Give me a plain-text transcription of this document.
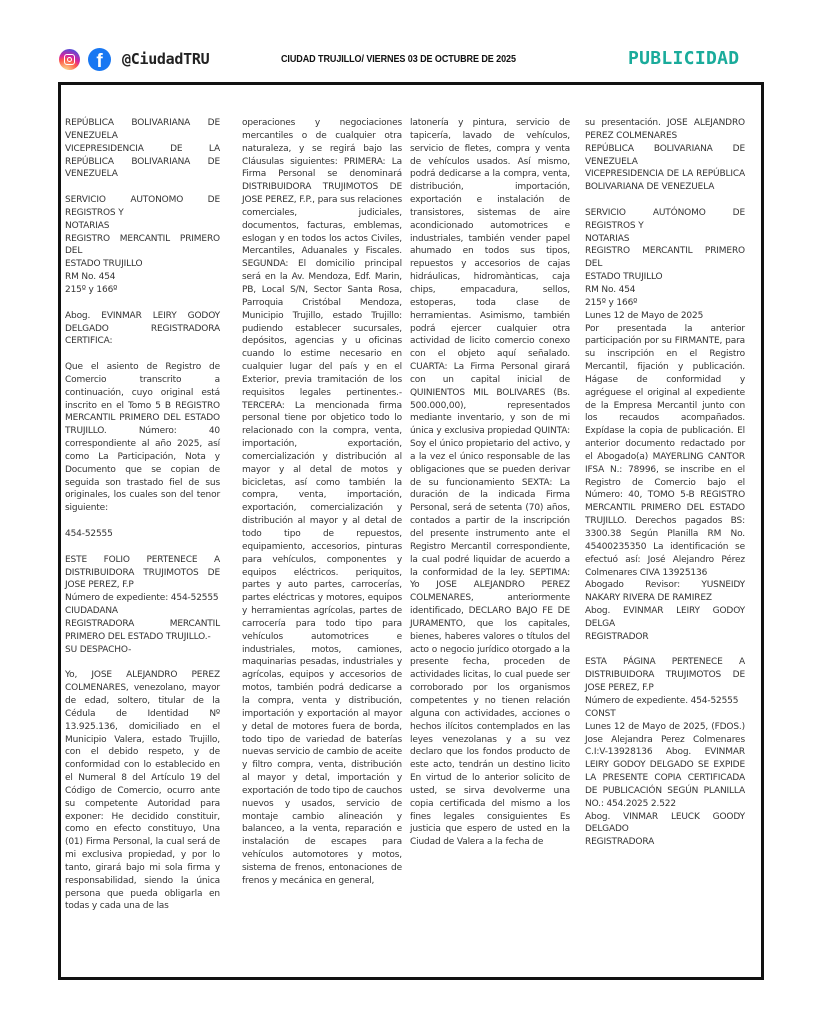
f	@CiudadTRU	CIUDAD TRUJILLO/ VIERNES 03 DE OCTUBRE DE 2025	PUBLICIDAD

REPÚBLICA BOLIVARIANA DE VENEZUELA
VICEPRESIDENCIA DE LA REPÚBLICA BOLIVARIANA DE VENEZUELA

SERVICIO AUTONOMO DE REGISTROS Y
NOTARIAS
REGISTRO MERCANTIL PRIMERO DEL
ESTADO TRUJILLO
RM No. 454
215º y 166º

Abog. EVINMAR LEIRY GODOY DELGADO REGISTRADORA CERTIFICA:

Que el asiento de Registro de Comercio transcrito a continuación, cuyo original está inscrito en el Tomo 5 B REGISTRO MERCANTIL PRIMERO DEL ESTADO TRUJILLO. Número: 40 correspondiente al año 2025, así como La Participación, Nota y Documento que se copian de seguida son trastado fiel de sus originales, los cuales son del tenor siguiente:

454-52555

ESTE FOLIO PERTENECE A DISTRIBUIDORA TRUJIMOTOS DE JOSE PEREZ, F.P
Número de expediente: 454-52555
CIUDADANA
REGISTRADORA MERCANTIL PRIMERO DEL ESTADO TRUJILLO.-
SU DESPACHO-

Yo, JOSE ALEJANDRO PEREZ COLMENARES, venezolano, mayor de edad, soltero, titular de la Cédula de Identidad Nº 13.925.136, domiciliado en el Municipio Valera, estado Trujillo, con el debido respeto, y de conformidad con lo establecido en el Numeral 8 del Artículo 19 del Código de Comercio, ocurro ante su competente Autoridad para exponer: He decidido constituir, como en efecto constituyo, Una (01) Firma Personal, la cual será de mi exclusiva propiedad, y por lo tanto, girará bajo mi sola firma y responsabilidad, siendo la única persona que pueda obligarla en todas y cada una de las

operaciones y negociaciones mercantiles o de cualquier otra naturaleza, y se regirá bajo las Cláusulas siguientes: PRIMERA: La Firma Personal se denominará DISTRIBUIDORA TRUJIMOTOS DE JOSE PEREZ, F.P., para sus relaciones comerciales, judiciales, documentos, facturas, emblemas, eslogan y en todos los actos Civiles, Mercantiles, Aduanales y Fiscales. SEGUNDA: El domicilio principal será en la Av. Mendoza, Edf. Marin, PB, Local S/N, Sector Santa Rosa, Parroquia Cristóbal Mendoza, Municipio Trujillo, estado Trujillo: pudiendo establecer sucursales, depósitos, agencias y u oficinas cuando lo estime necesario en cualquier lugar del país y en el Exterior, previa tramitación de los requisitos legales pertinentes.- TERCERA: La mencionada firma personal tiene por objetico todo lo relacionado con la compra, venta, importación, exportación, comercialización y distribución al mayor y al detal de motos y bicicletas, así como también la compra, venta, importación, exportación, comercialización y distribución al mayor y al detal de todo tipo de repuestos, equipamiento, accesorios, pinturas para vehículos, componentes y equipos eléctricos. periquitos, partes y auto partes, carrocerías, partes eléctricas y motores, equipos y herramientas agrícolas, partes de carrocería para todo tipo para vehículos automotrices e industriales, motos, camiones, maquinarias pesadas, industriales y agrícolas, equipos y accesorios de motos, también podrá dedicarse a la compra, venta y distribución, importación y exportación al mayor y detal de motores fuera de borda, todo tipo de variedad de baterías nuevas servicio de cambio de aceite y filtro compra, venta, distribución al mayor y detal, importación y exportación de todo tipo de cauchos nuevos y usados, servicio de montaje cambio alineación y balanceo, a la venta, reparación e instalación de escapes para vehículos automotores y motos, sistema de frenos, entonaciones de frenos y mecánica en general,

latonería y pintura, servicio de tapicería, lavado de vehículos, servicio de fletes, compra y venta de vehículos usados. Así mismo, podrá dedicarse a la compra, venta, distribución, importación, exportación e instalación de transistores, sistemas de aire acondicionado automotrices e industriales, también vender papel ahumado en todos sus tipos, repuestos y accesorios de cajas hidráulicas, hidromànticas, caja chips, empacadura, sellos, estoperas, toda clase de herramientas. Asimismo, también podrá ejercer cualquier otra actividad de licito comercio conexo con el objeto aquí señalado. CUARTA: La Firma Personal girará con un capital inicial de QUINIENTOS MIL BOLIVARES (Bs. 500.000,00), representados mediante inventario, y son de mi única y exclusiva propiedad QUINTA: Soy el único propietario del activo, y a la vez el único responsable de las obligaciones que se pueden derivar de su funcionamiento SEXTA: La duración de la indicada Firma Personal, será de setenta (70) años, contados a partir de la inscripción del presente instrumento ante el Registro Mercantil correspondiente, la cual podré liquidar de acuerdo a la conformidad de la ley. SEPTIMA: Yo JOSE ALEJANDRO PEREZ COLMENARES, anteriormente identificado, DECLARO BAJO FE DE JURAMENTO, que los capitales, bienes, haberes valores o títulos del acto o negocio jurídico otorgado a la presente fecha, proceden de actividades licitas, lo cual puede ser corroborado por los organismos competentes y no tienen relación alguna con actividades, acciones o hechos ilícitos contemplados en las leyes venezolanas y a su vez declaro que los fondos producto de este acto, tendrán un destino licito En virtud de lo anterior solicito de usted, se sirva devolverme una copia certificada del mismo a los fines legales consiguientes Es justicia que espero de usted en la Ciudad de Valera a la fecha de

su presentación. JOSE ALEJANDRO PEREZ COLMENARES
REPÚBLICA BOLIVARIANA DE VENEZUELA
VICEPRESIDENCIA DE LA REPÚBLICA BOLIVARIANA DE VENEZUELA

SERVICIO AUTÓNOMO DE REGISTROS Y
NOTARIAS
REGISTRO MERCANTIL PRIMERO DEL
ESTADO TRUJILLO
RM No. 454
215º y 166º
Lunes 12 de Mayo de 2025
Por presentada la anterior participación por su FIRMANTE, para su inscripción en el Registro Mercantil, fijación y publicación. Hágase de conformidad y agréguese el original al expediente de la Empresa Mercantil junto con los recaudos acompañados. Expídase la copia de publicación. El anterior documento redactado por el Abogado(a) MAYERLING CANTOR IFSA N.: 78996, se inscribe en el Registro de Comercio bajo el Número: 40, TOMO 5-B REGISTRO MERCANTIL PRIMERO DEL ESTADO TRUJILLO. Derechos pagados BS: 3300.38 Según Planilla RM No. 45400235350 La identificación se efectuó así: José Alejandro Pérez Colmenares CIVA 13925136
Abogado Revisor: YUSNEIDY NAKARY RIVERA DE RAMIREZ
Abog. EVINMAR LEIRY GODOY DELGA
REGISTRADOR

ESTA PÁGINA PERTENECE A DISTRIBUIDORA TRUJIMOTOS DE JOSE PEREZ, F.P
Número de expediente. 454-52555
CONST
Lunes 12 de Mayo de 2025, (FDOS.) Jose Alejandra Perez Colmenares C.I:V-13928136 Abog. EVINMAR LEIRY GODOY DELGADO SE EXPIDE LA PRESENTE COPIA CERTIFICADA DE PUBLICACIÓN SEGÚN PLANILLA NO.: 454.2025 2.522
Abog. VINMAR LEUCK GOODY DELGADO
REGISTRADORA
